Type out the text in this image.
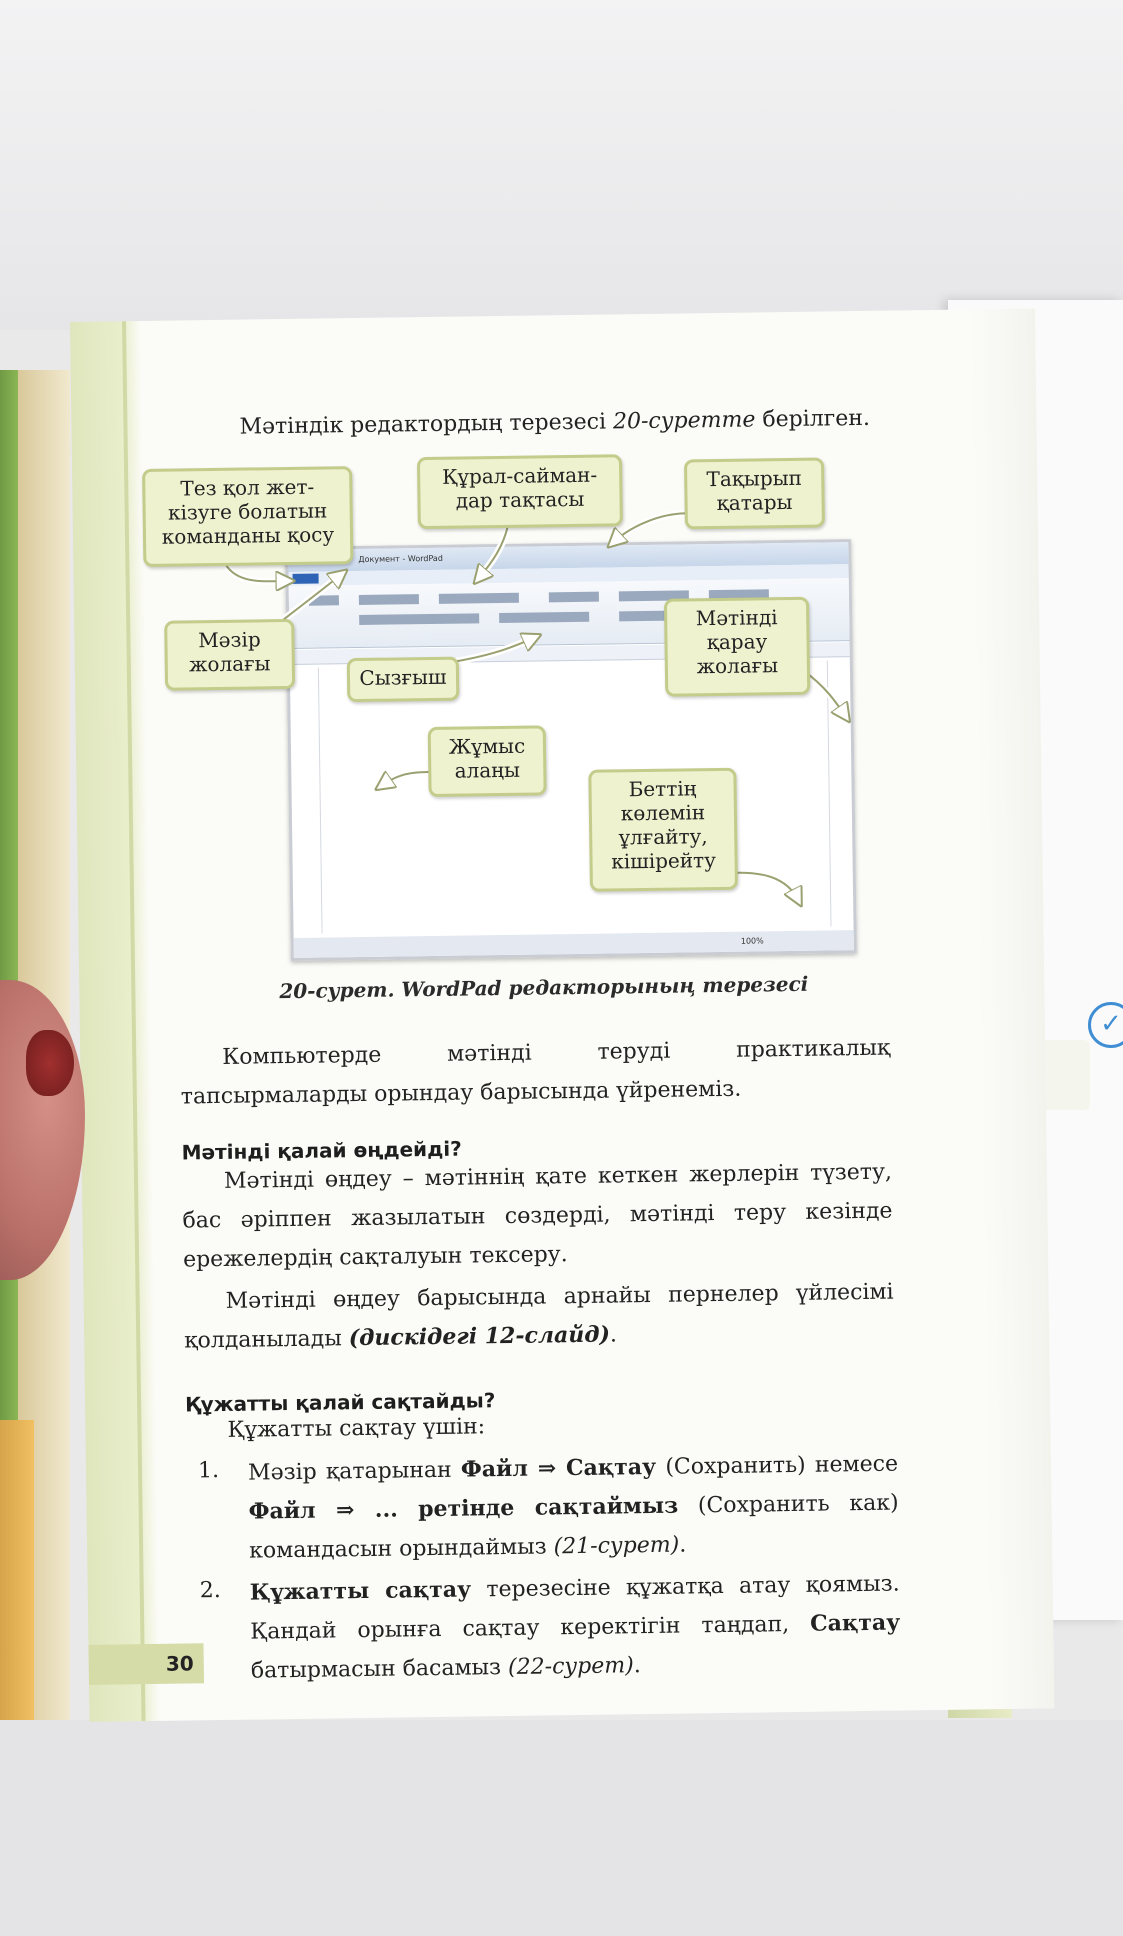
✓
Мәтіндік редактордың терезесі 20-суретте берілген.
Документ - WordPad
100%
Тез қол жет-
кізуге болатын
команданы қосу
Құрал-сайман-
дар тақтасы
Тақырып
қатары
Мәзір
жолағы
Сызғыш
Мәтінді
қарау
жолағы
Жұмыс
алаңы
Беттің
көлемін
ұлғайту,
кішірейту
20-сурет. WordPad редакторының терезесі
Компьютерде мәтінді теруді практикалық тапсырмаларды орындау барысында үйренеміз.
Мәтінді қалай өңдейді?
Мәтінді өңдеу – мәтіннің қате кеткен жерлерін түзету, бас әріппен жазылатын сөздерді, мәтінді теру кезінде ережелердің сақталуын тексеру.
Мәтінді өңдеу барысында арнайы пернелер үйлесімі қолданылады (дискідегі 12-слайд).
Құжатты қалай сақтайды?
Құжатты сақтау үшін:
1. Мәзір қатарынан Файл ⇒ Сақтау (Сохранить) немесе Файл ⇒ ... ретінде сақтаймыз (Сохранить как) командасын орындаймыз (21-сурет).
2. Құжатты сақтау терезесіне құжатқа атау қоямыз. Қандай орынға сақтау керектігін таңдап, Сақтау батырмасын басамыз (22-сурет).
30
